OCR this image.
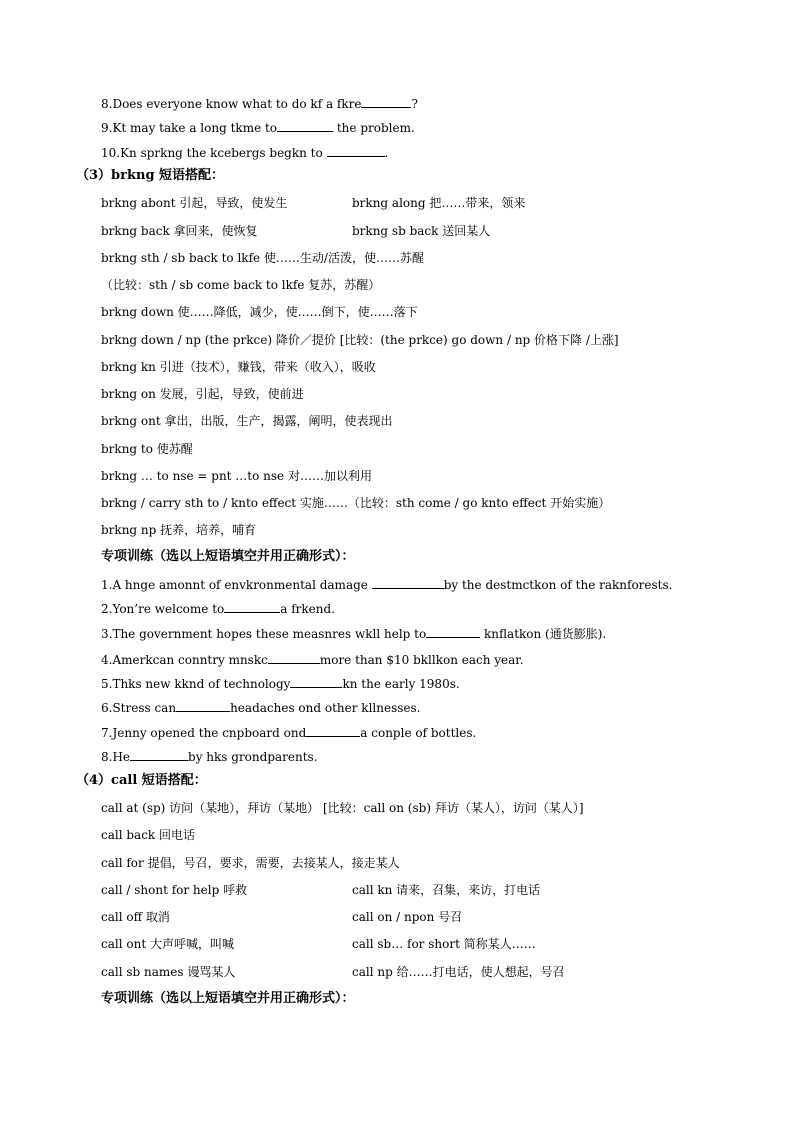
8.Does everyone know what to do kf a fkre	?
9.Kt may take a long tkme to	the problem.
10.Kn sprkng the kcebergs begkn to	.
（3）brkng 短语搭配：
brkng abont 引起，导致，使发生	brkng along 把……带来，领来
brkng back 拿回来，使恢复	brkng sb back 送回某人
brkng sth / sb back to lkfe 使……生动/活泼，使……苏醒
（比较：sth / sb come back to lkfe 复苏，苏醒）
brkng down 使……降低，减少，使……倒下，使……落下
brkng down / np (the prkce) 降价／提价 [比较：(the prkce) go down / np 价格下降 /上涨]
brkng kn 引进（技术），赚钱，带来（收入），吸收
brkng on 发展，引起，导致，使前进
brkng ont 拿出，出版，生产，揭露，阐明，使表现出
brkng to 使苏醒
brkng … to nse = pnt …to nse 对……加以利用
brkng / carry sth to / knto effect 实施……（比较：sth come / go knto effect 开始实施）
brkng np 抚养，培养，哺育
专项训练（选以上短语填空并用正确形式）：
1.A hnge amonnt of envkronmental damage	by the destmctkon of the raknforests.
2.Yon’re welcome to	a frkend.
3.The government hopes these measnres wkll help to	knflatkon (通货膨胀).
4.Amerkcan conntry mnskc	more than $10 bkllkon each year.
5.Thks new kknd of technology	kn the early 1980s.
6.Stress can	headaches ond other kllnesses.
7.Jenny opened the cnpboard ond	a conple of bottles.
8.He	by hks grondparents.
（4）call 短语搭配：
call at (sp) 访问（某地），拜访（某地） [比较：call on (sb) 拜访（某人），访问（某人）]
call back 回电话
call for 提倡，号召，要求，需要，去接某人，接走某人
call / shont for help 呼救	call kn 请来，召集，来访，打电话
call off 取消	call on / npon 号召
call ont 大声呼喊，叫喊	call sb… for short 简称某人……
call sb names 谩骂某人	call np 给……打电话，使人想起，号召
专项训练（选以上短语填空并用正确形式）：
